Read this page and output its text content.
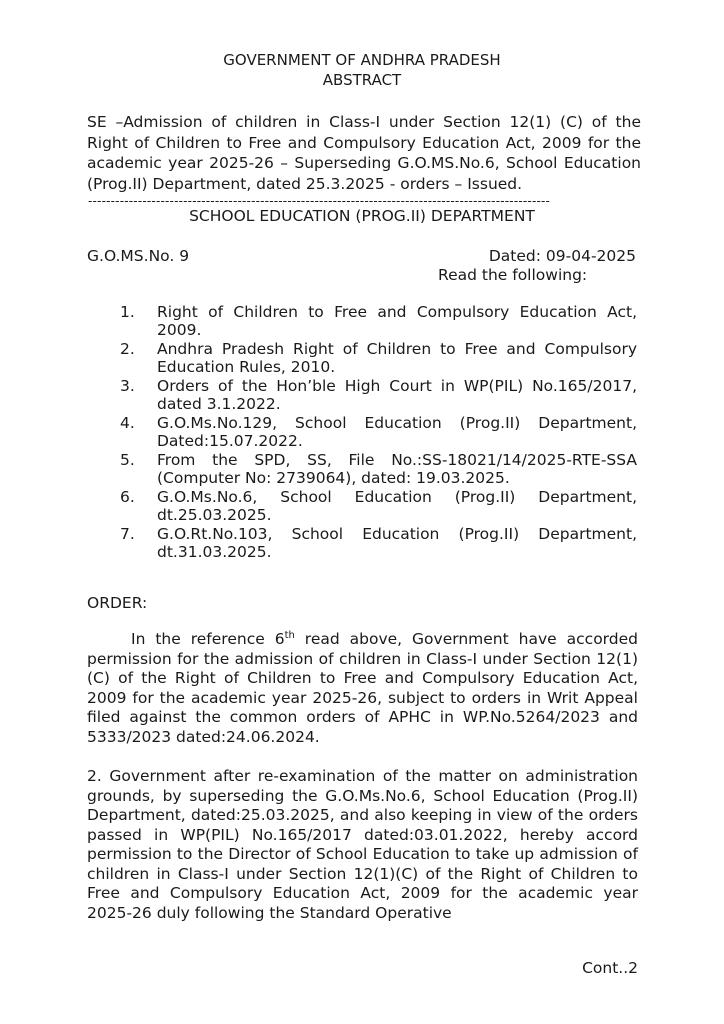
GOVERNMENT OF ANDHRA PRADESH
ABSTRACT
SE –Admission of children in Class-I under Section 12(1) (C) of the Right of Children to Free and Compulsory Education Act, 2009 for the academic year 2025-26 – Superseding G.O.MS.No.6, School Education (Prog.II) Department, dated 25.3.2025 - orders – Issued.
------------------------------------------------------------------------------------------------------
SCHOOL EDUCATION (PROG.II) DEPARTMENT
G.O.MS.No. 9	Dated: 09-04-2025
Read the following:
1. Right of Children to Free and Compulsory Education Act, 2009.
2. Andhra Pradesh Right of Children to Free and Compulsory Education Rules, 2010.
3. Orders of the Hon’ble High Court in WP(PIL) No.165/2017, dated 3.1.2022.
4. G.O.Ms.No.129, School Education (Prog.II) Department, Dated:15.07.2022.
5. From the SPD, SS, File No.:SS-18021/14/2025-RTE-SSA (Computer No: 2739064), dated: 19.03.2025.
6. G.O.Ms.No.6, School Education (Prog.II) Department, dt.25.03.2025.
7. G.O.Rt.No.103, School Education (Prog.II) Department, dt.31.03.2025.
ORDER:
In the reference 6th read above, Government have accorded permission for the admission of children in Class-I under Section 12(1)(C) of the Right of Children to Free and Compulsory Education Act, 2009 for the academic year 2025-26, subject to orders in Writ Appeal filed against the common orders of APHC in WP.No.5264/2023 and 5333/2023 dated:24.06.2024.
2. Government after re-examination of the matter on administration grounds, by superseding the G.O.Ms.No.6, School Education (Prog.II) Department, dated:25.03.2025, and also keeping in view of the orders passed in WP(PIL) No.165/2017 dated:03.01.2022, hereby accord permission to the Director of School Education to take up admission of children in Class-I under Section 12(1)(C) of the Right of Children to Free and Compulsory Education Act, 2009 for the academic year 2025-26 duly following the Standard Operative
Cont..2
